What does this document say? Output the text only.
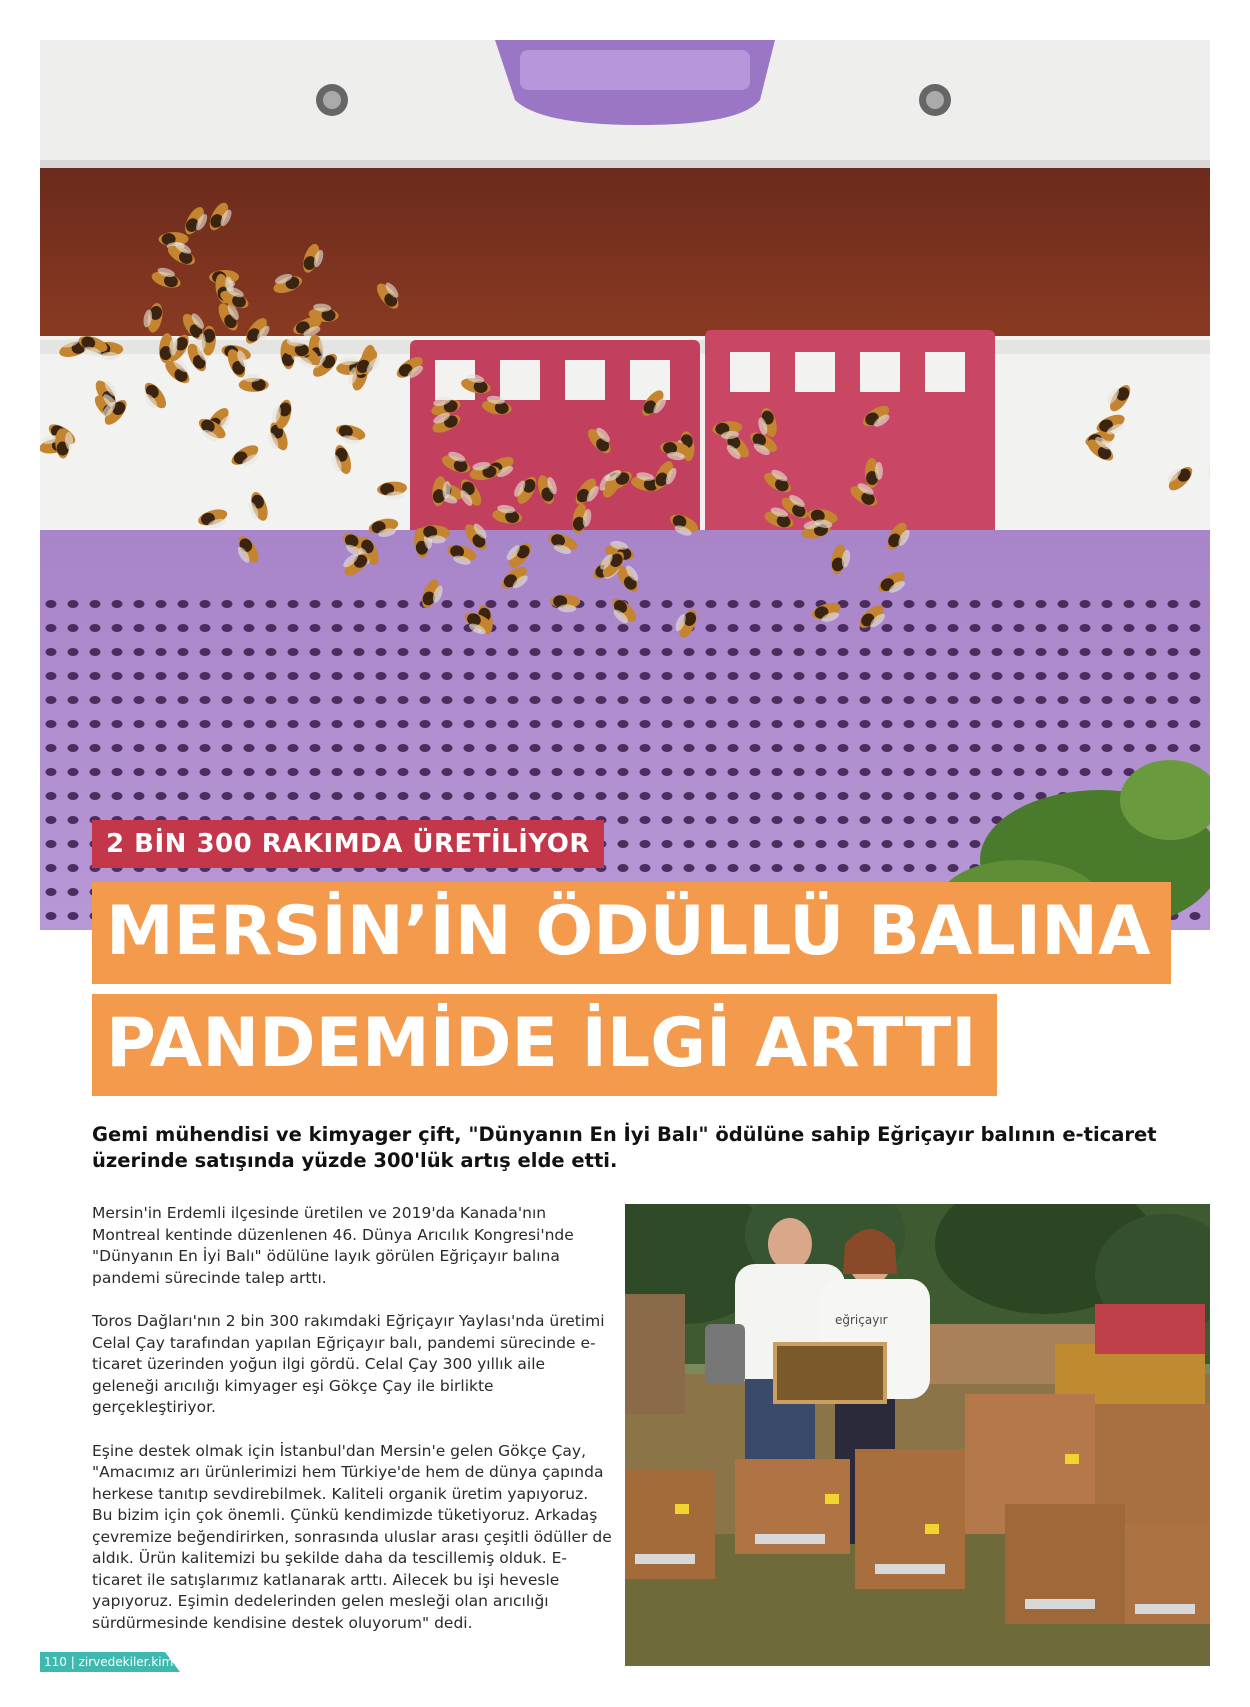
2 BİN 300 RAKIMDA ÜRETİLİYOR
MERSİN’İN ÖDÜLLÜ BALINA
PANDEMİDE İLGİ ARTTI
Gemi mühendisi ve kimyager çift, "Dünyanın En İyi Balı" ödülüne sahip Eğriçayır balının e-ticaret üzerinde satışında yüzde 300'lük artış elde etti.

Mersin'in Erdemli ilçesinde üretilen ve 2019'da Kanada'nın Montreal kentinde düzenlenen 46. Dünya Arıcılık Kongresi'nde "Dünyanın En İyi Balı" ödülüne layık görülen Eğriçayır balına pandemi sürecinde talep arttı.

Toros Dağları'nın 2 bin 300 rakımdaki Eğriçayır Yaylası'nda üretimi Celal Çay tarafından yapılan Eğriçayır balı, pandemi sürecinde e-ticaret üzerinden yoğun ilgi gördü. Celal Çay 300 yıllık aile geleneği arıcılığı kimyager eşi Gökçe Çay ile birlikte gerçekleştiriyor.

Eşine destek olmak için İstanbul'dan Mersin'e gelen Gökçe Çay, "Amacımız arı ürünlerimizi hem Türkiye'de hem de dünya çapında herkese tanıtıp sevdirebilmek. Kaliteli organik üretim yapıyoruz. Bu bizim için çok önemli. Çünkü kendimizde tüketiyoruz. Arkadaş çevremize beğendirirken, sonrasında uluslar arası çeşitli ödüller de aldık. Ürün kalitemizi bu şekilde daha da tescillemiş olduk. E-ticaret ile satışlarımız katlanarak arttı. Ailecek bu işi hevesle yapıyoruz. Eşimin dedelerinden gelen mesleği olan arıcılığı sürdürmesinde kendisine destek oluyorum" dedi.

eğriçayır
110 | zirvedekiler.kim
